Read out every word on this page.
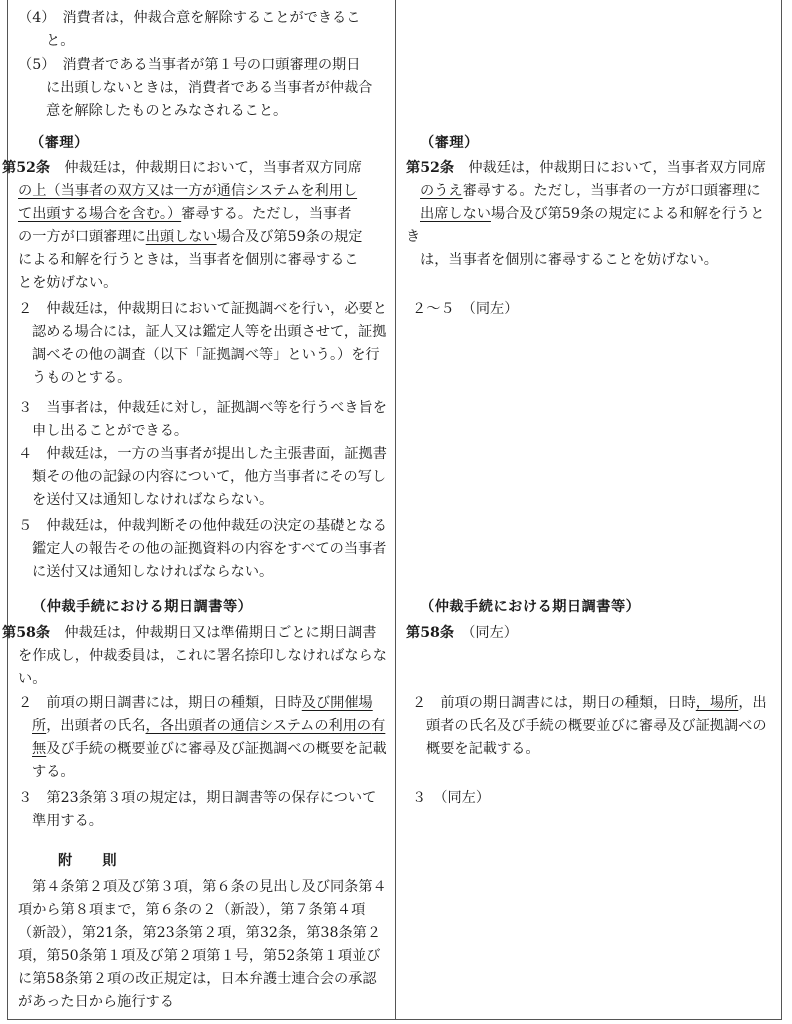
（4）　消費者は，仲裁合意を解除することができるこ
と。

（5）　消費者である当事者が第１号の口頭審理の期日
に出頭しないときは，消費者である当事者が仲裁合
意を解除したものとみなされること。

（審理）

第52条　仲裁廷は，仲裁期日において，当事者双方同席
の上（当事者の双方又は一方が通信システムを利用し
て出頭する場合を含む。）審尋する。ただし，当事者
の一方が口頭審理に出頭しない場合及び第59条の規定
による和解を行うときは，当事者を個別に審尋するこ
とを妨げない。

２　仲裁廷は，仲裁期日において証拠調べを行い，必要と認める場合には，証人又は鑑定人等を出頭させて，証拠調べその他の調査（以下「証拠調べ等」という。）を行うものとする。

３　当事者は，仲裁廷に対し，証拠調べ等を行うべき旨を申し出ることができる。

４　仲裁廷は，一方の当事者が提出した主張書面，証拠書類その他の記録の内容について，他方当事者にその写しを送付又は通知しなければならない。

５　仲裁廷は，仲裁判断その他仲裁廷の決定の基礎となる鑑定人の報告その他の証拠資料の内容をすべての当事者に送付又は通知しなければならない。

（仲裁手続における期日調書等）

第58条　仲裁廷は，仲裁期日又は準備期日ごとに期日調書を作成し，仲裁委員は，これに署名捺印しなければならない。

２　前項の期日調書には，期日の種類，日時及び開催場所，出頭者の氏名，各出頭者の通信システムの利用の有無及び手続の概要並びに審尋及び証拠調べの概要を記載する。

３　第23条第３項の規定は，期日調書等の保存について準用する。

附　則

第４条第２項及び第３項，第６条の見出し及び同条第４項から第８項まで，第６条の２（新設），第７条第４項（新設），第21条，第23条第２項，第32条，第38条第２項，第50条第１項及び第２項第１号，第52条第１項並びに第58条第２項の改正規定は，日本弁護士連合会の承認があった日から施行する

（審理）

第52条　仲裁廷は，仲裁期日において，当事者双方同席
のうえ審尋する。ただし，当事者の一方が口頭審理に
出席しない場合及び第59条の規定による和解を行うとき
は，当事者を個別に審尋することを妨げない。

２～５　（同左）

（仲裁手続における期日調書等）

第58条　（同左）

２　前項の期日調書には，期日の種類，日時，場所，出頭者の氏名及び手続の概要並びに審尋及び証拠調べの概要を記載する。

３　（同左）
